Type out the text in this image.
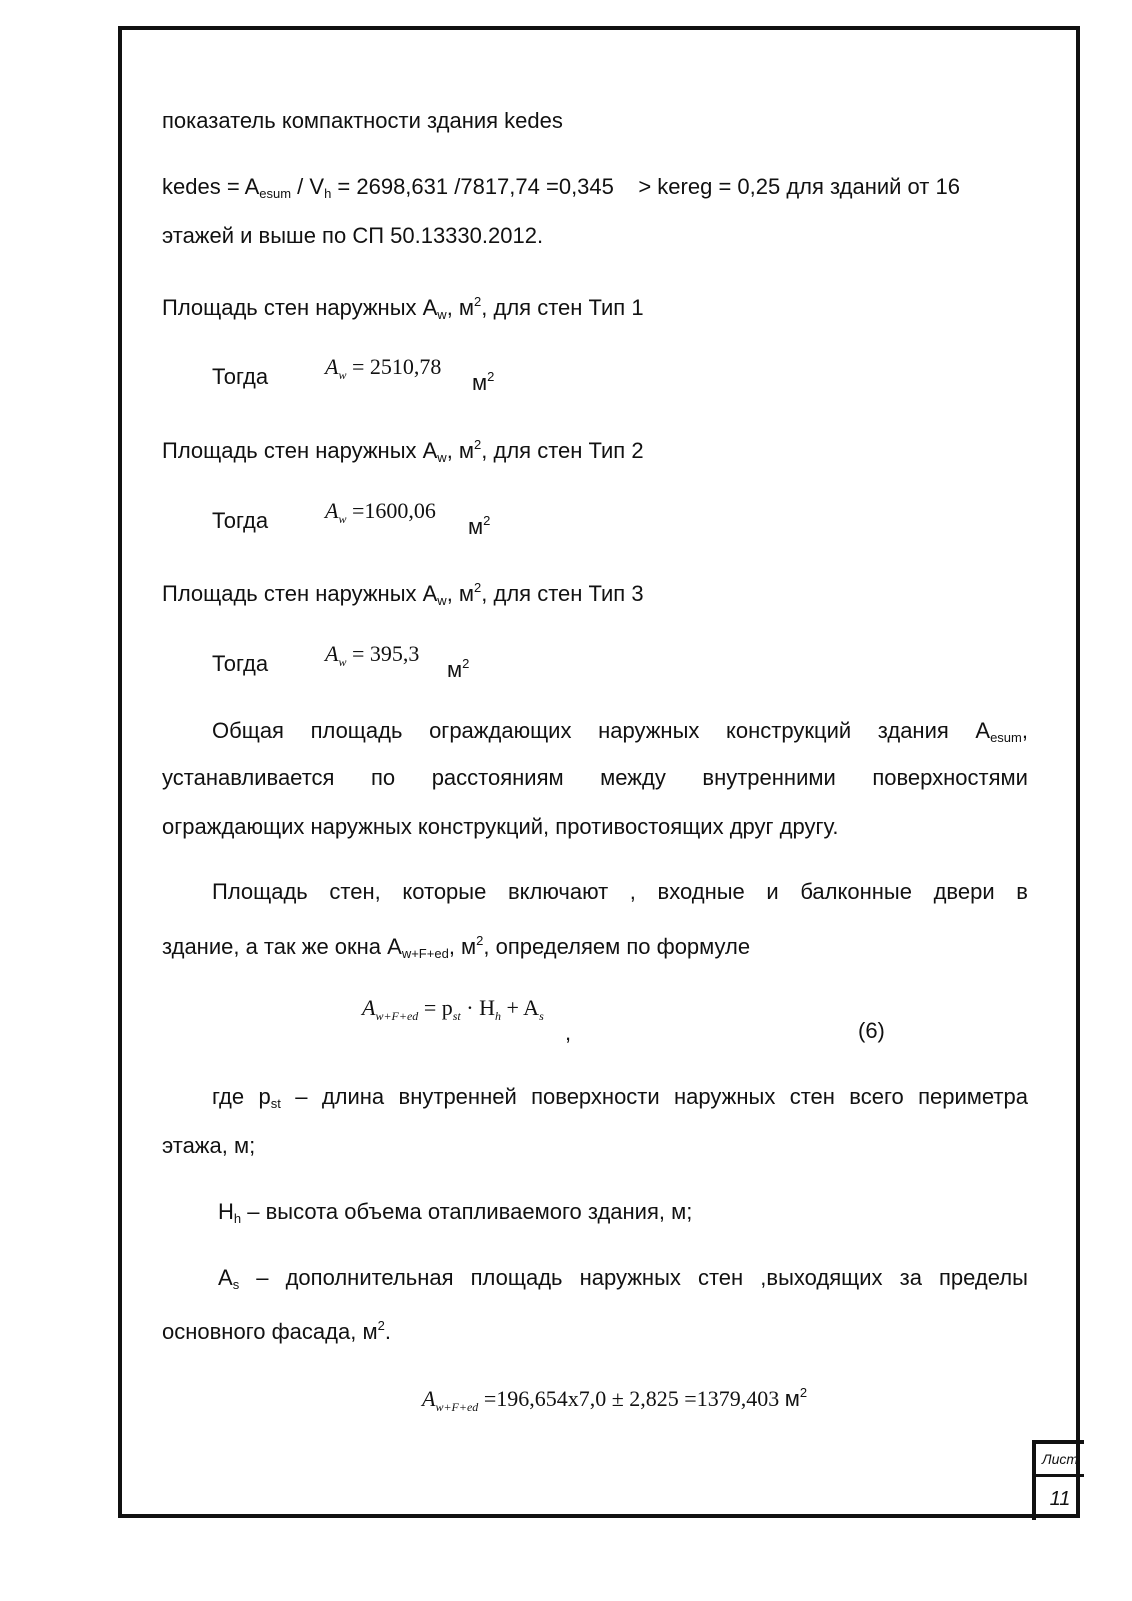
показатель компактности здания kedes
kedes = $A_{esum} / V_h = 2698,631$ /7817,74 =0,345    > kereg = 0,25 для зданий от 16
этажей и выше по СП 50.13330.2012.
Площадь стен наружных $A_w$, $м^2$, для стен Тип 1
Тогда	$A_w = 2510,78$
$м^2$
Площадь стен наружных $A_w$, $м^2$, для стен Тип 2
Тогда	$A_w =1600,06$
$м^2$
Площадь стен наружных $A_w$, $м^2$, для стен Тип 3
Тогда	$A_w = 395,3$
$м^2$
Общая площадь ограждающих наружных конструкций здания $A_{esum}$,
устанавливается по расстояниям между внутренними поверхностями
ограждающих наружных конструкций, противостоящих друг другу.
Площадь стен, которые включают , входные и балконные двери в
здание, а так же окна $A_{w+F+ed}$, $м^2$, определяем по формуле
$A_{w+F+ed} = p_{st} \cdot H_h + A_s$
,	(6)
где $p_{st}$ – длина внутренней поверхности наружных стен всего периметра
этажа, м;
$H_h$ – высота объема отапливаемого здания, м;
$A_s$ – дополнительная площадь наружных стен ,выходящих за пределы
основного фасада, $м^2$.
$A_{w+F+ed} =196,654x7,0 \pm 2,825 =1379,403$ $м^2$
Лист
11
